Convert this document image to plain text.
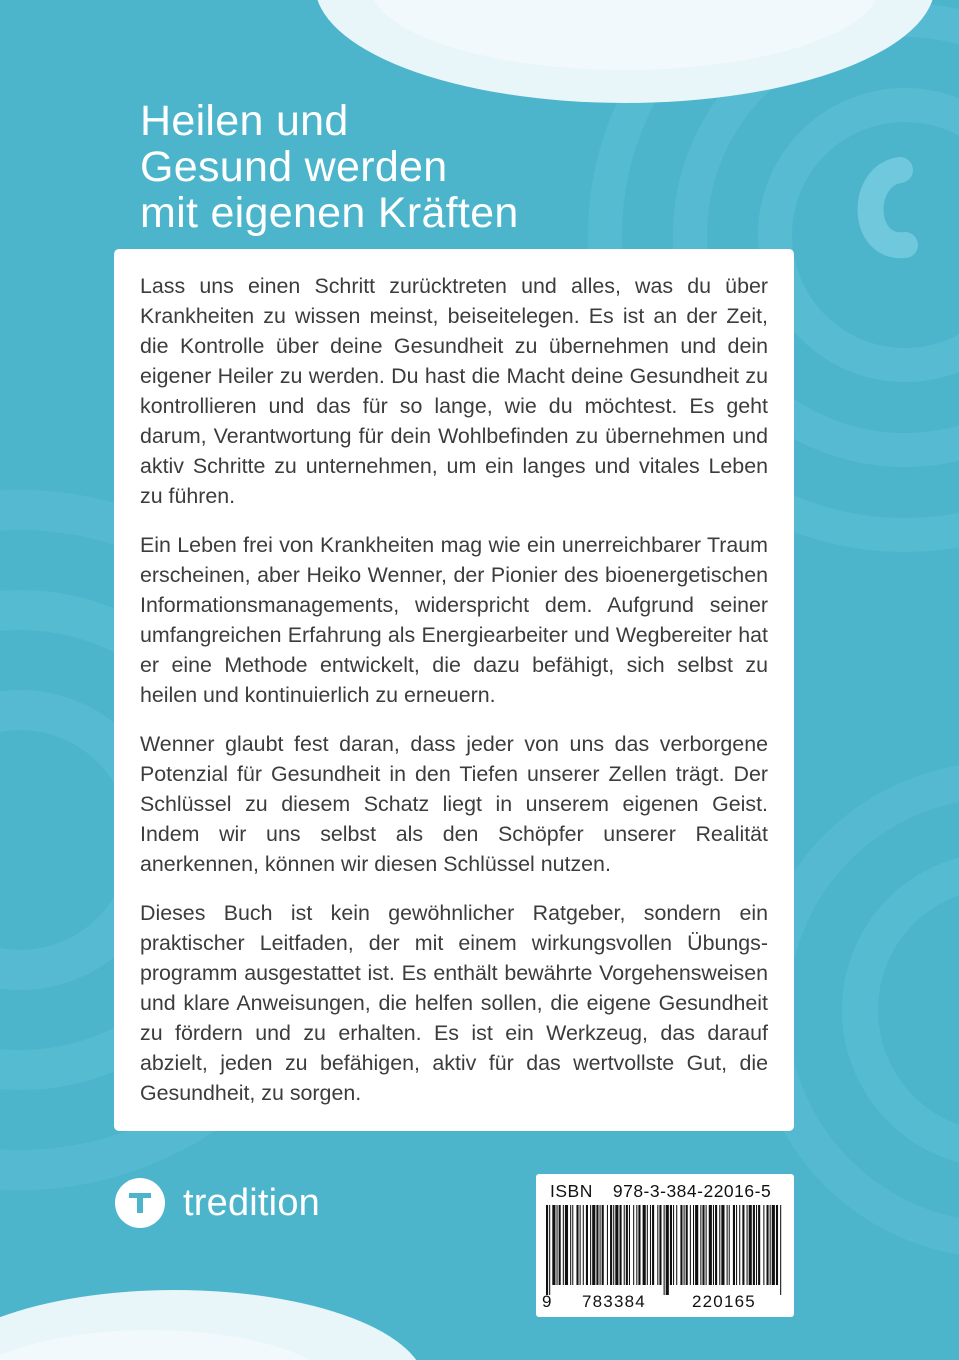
Heilen und
Gesund werden
mit eigenen Kräften

Lass uns einen Schritt zurücktreten und alles, was du über Krankheiten zu wissen meinst, beiseitelegen. Es ist an der Zeit, die Kontrolle über deine Gesundheit zu übernehmen und dein eigener Heiler zu werden. Du hast die Macht deine Gesundheit zu kontrollieren und das für so lange, wie du möchtest. Es geht darum, Verantwortung für dein Wohlbefinden zu übernehmen und aktiv Schritte zu unternehmen, um ein langes und vitales Leben zu führen.

Ein Leben frei von Krankheiten mag wie ein unerreichbarer Traum erscheinen, aber Heiko Wenner, der Pionier des bioenergetischen Informationsmanagements, widerspricht dem. Aufgrund seiner umfangreichen Erfahrung als Energiearbeiter und Wegbereiter hat er eine Methode entwickelt, die dazu befähigt, sich selbst zu heilen und kontinuierlich zu erneuern.

Wenner glaubt fest daran, dass jeder von uns das verborgene Potenzial für Gesundheit in den Tiefen unserer Zellen trägt. Der Schlüssel zu diesem Schatz liegt in unserem eigenen Geist. Indem wir uns selbst als den Schöpfer unserer Realität anerkennen, können wir diesen Schlüssel nutzen.

Dieses Buch ist kein gewöhnlicher Ratgeber, sondern ein praktischer Leitfaden, der mit einem wirkungsvollen Übungsprogramm ausgestattet ist. Es enthält bewährte Vorgehensweisen und klare Anweisungen, die helfen sollen, die eigene Gesundheit zu fördern und zu erhalten. Es ist ein Werkzeug, das darauf abzielt, jeden zu befähigen, aktiv für das wertvollste Gut, die Gesundheit, zu sorgen.

tredition	ISBN 978-3-384-22016-5
9 783384	220165
